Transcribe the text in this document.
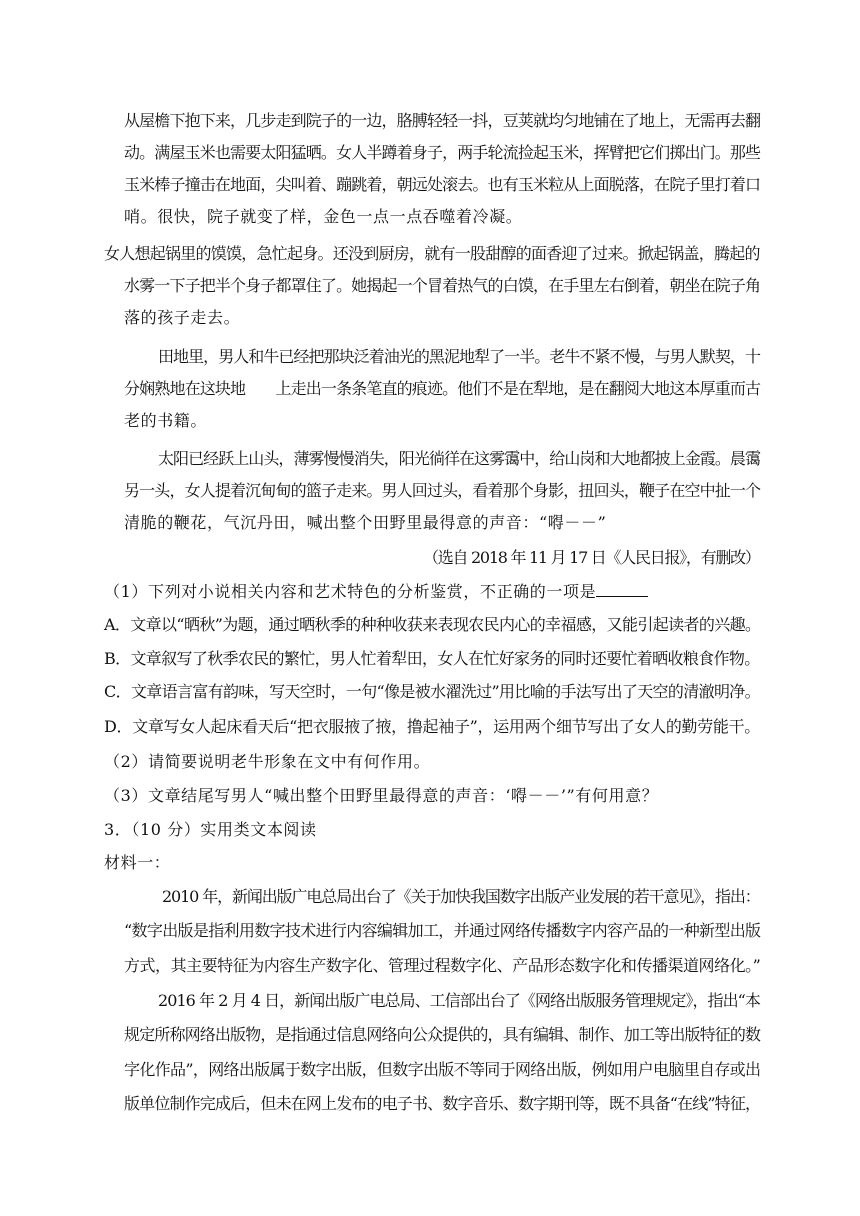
从屋檐下抱下来，几步走到院子的一边，胳膊轻轻一抖，豆荚就均匀地铺在了地上，无需再去翻
动。满屋玉米也需要太阳猛晒。女人半蹲着身子，两手轮流捡起玉米，挥臂把它们掷出门。那些
玉米棒子撞击在地面，尖叫着、蹦跳着，朝远处滚去。也有玉米粒从上面脱落，在院子里打着口
哨。很快，院子就变了样，金色一点一点吞噬着冷凝。
女人想起锅里的馍馍，急忙起身。还没到厨房，就有一股甜醇的面香迎了过来。掀起锅盖，腾起的
水雾一下子把半个身子都罩住了。她揭起一个冒着热气的白馍，在手里左右倒着，朝坐在院子角
落的孩子走去。
田地里，男人和牛已经把那块泛着油光的黑泥地犁了一半。老牛不紧不慢，与男人默契，十
分娴熟地在这块地　　上走出一条条笔直的痕迹。他们不是在犁地，是在翻阅大地这本厚重而古
老的书籍。
太阳已经跃上山头，薄雾慢慢消失，阳光徜徉在这雾霭中，给山岗和大地都披上金霞。晨霭
另一头，女人提着沉甸甸的篮子走来。男人回过头，看着那个身影，扭回头，鞭子在空中扯一个
清脆的鞭花，气沉丹田，喊出整个田野里最得意的声音：“嘚－－”
（选自 2018 年 11 月 17 日《人民日报》，有删改）
（1）下列对小说相关内容和艺术特色的分析鉴赏，不正确的一项是
A．文章以“晒秋”为题，通过晒秋季的种种收获来表现农民内心的幸福感，又能引起读者的兴趣。
B．文章叙写了秋季农民的繁忙，男人忙着犁田，女人在忙好家务的同时还要忙着晒收粮食作物。
C．文章语言富有韵味，写天空时，一句“像是被水濯洗过”用比喻的手法写出了天空的清澈明净。
D．文章写女人起床看天后“把衣服掖了掖，撸起袖子”，运用两个细节写出了女人的勤劳能干。
（2）请简要说明老牛形象在文中有何作用。
（3）文章结尾写男人“喊出整个田野里最得意的声音：‘嘚－－’”有何用意？
3．（10 分）实用类文本阅读
材料一：
2010 年，新闻出版广电总局出台了《关于加快我国数字出版产业发展的若干意见》，指出：
“数字出版是指利用数字技术进行内容编辑加工，并通过网络传播数字内容产品的一种新型出版
方式，其主要特征为内容生产数字化、管理过程数字化、产品形态数字化和传播渠道网络化。”
2016 年 2 月 4 日，新闻出版广电总局、工信部出台了《网络出版服务管理规定》，指出“本
规定所称网络出版物，是指通过信息网络向公众提供的，具有编辑、制作、加工等出版特征的数
字化作品”，网络出版属于数字出版，但数字出版不等同于网络出版，例如用户电脑里自存或出
版单位制作完成后，但未在网上发布的电子书、数字音乐、数字期刊等，既不具备“在线”特征，
